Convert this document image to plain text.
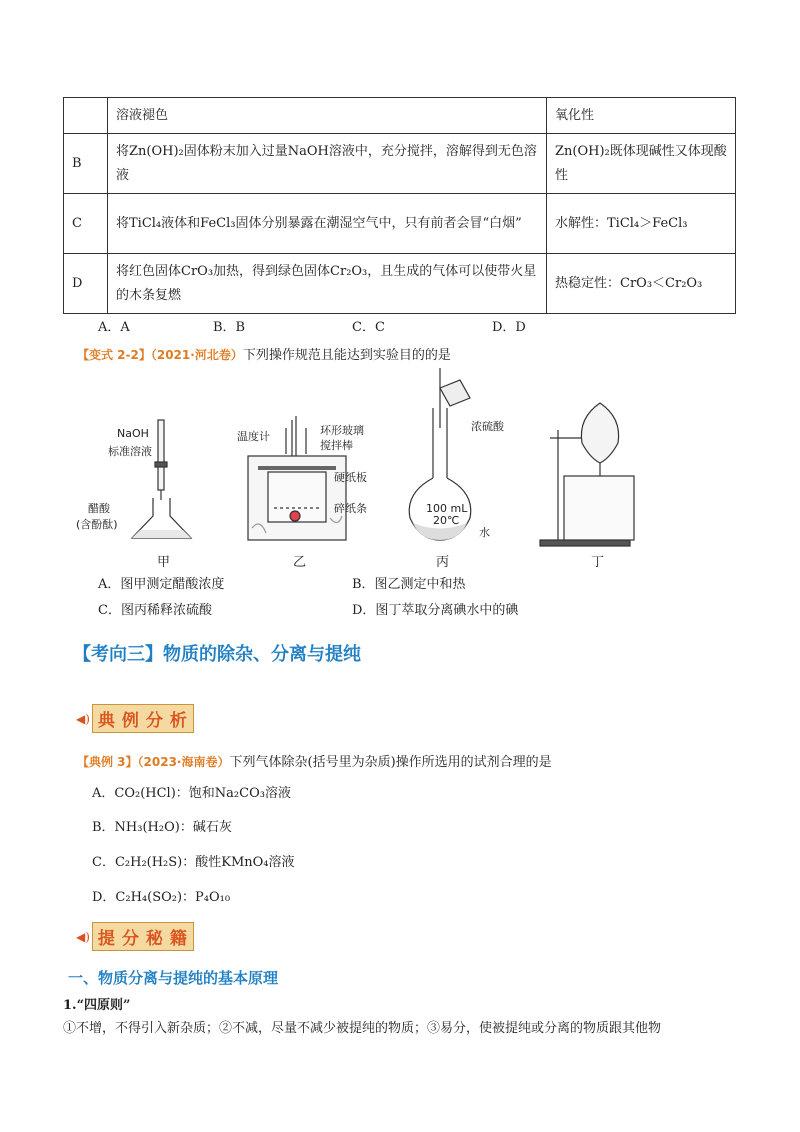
	溶液褪色	氧化性
B	将Zn(OH)₂固体粉末加入过量NaOH溶液中，充分搅拌，溶解得到无色溶液	Zn(OH)₂既体现碱性又体现酸性
C	将TiCl₄液体和FeCl₃固体分别暴露在潮湿空气中，只有前者会冒“白烟”	水解性：TiCl₄＞FeCl₃
D	将红色固体CrO₃加热，得到绿色固体Cr₂O₃，且生成的气体可以使带火星的木条复燃	热稳定性：CrO₃＜Cr₂O₃
A．A	B．B	C．C	D．D
【变式 2-2】（2021·河北卷）下列操作规范且能达到实验目的的是
NaOH
标准溶液
醋酸
(含酚酞)
温度计	环形玻璃
搅拌棒
硬纸板
碎纸条
浓硫酸
100 mL
20℃
水
甲	乙	丙	丁
A．图甲测定醋酸浓度	B．图乙测定中和热
C．图丙稀释浓硫酸	D．图丁萃取分离碘水中的碘
【考向三】物质的除杂、分离与提纯
◀) 典 例 分 析
【典例 3】（2023·海南卷）下列气体除杂(括号里为杂质)操作所选用的试剂合理的是
A．CO₂(HCl)：饱和Na₂CO₃溶液
B．NH₃(H₂O)：碱石灰
C．C₂H₂(H₂S)：酸性KMnO₄溶液
D．C₂H₄(SO₂)：P₄O₁₀
◀) 提 分 秘 籍
一、物质分离与提纯的基本原理
1.“四原则”
①不增，不得引入新杂质；②不减，尽量不减少被提纯的物质；③易分，使被提纯或分离的物质跟其他物
